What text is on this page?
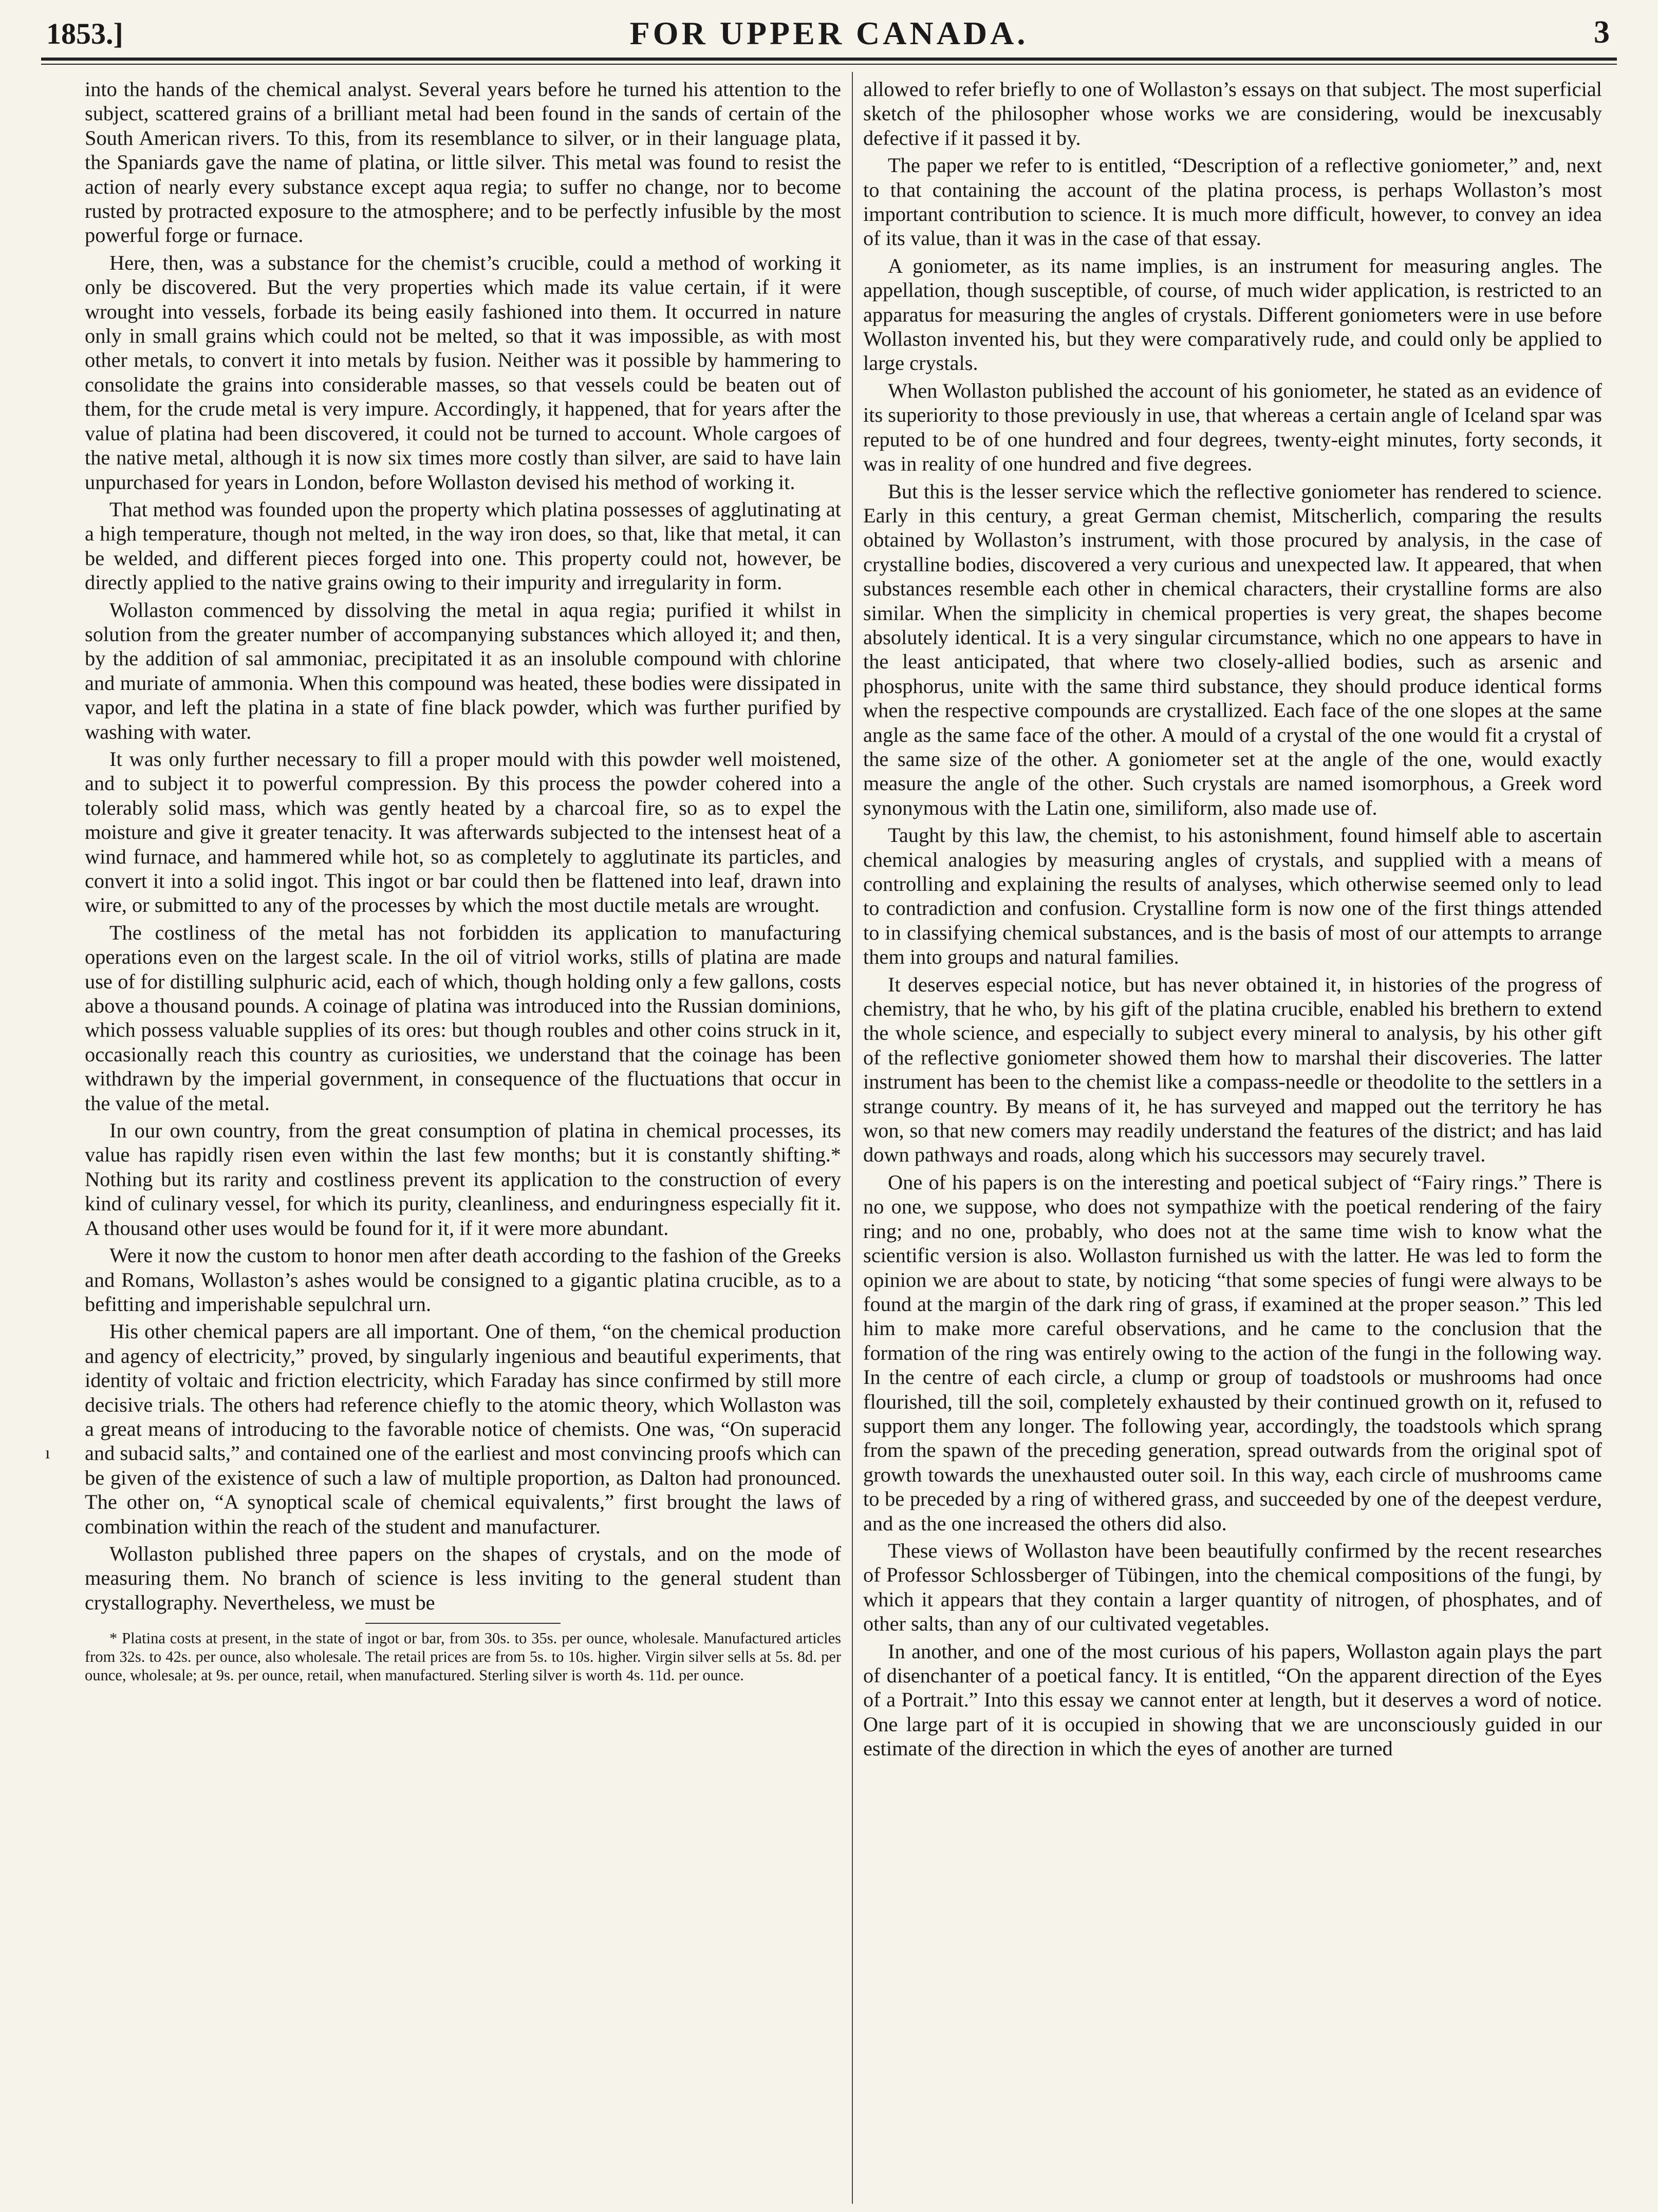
1853.]	FOR UPPER CANADA.	3

into the hands of the chemical analyst. Several years before he turned his attention to the subject, scattered grains of a brilliant metal had been found in the sands of certain of the South American rivers. To this, from its resemblance to silver, or in their language plata, the Spaniards gave the name of platina, or little silver. This metal was found to resist the action of nearly every substance except aqua regia; to suffer no change, nor to become rusted by protracted exposure to the atmosphere; and to be perfectly infusible by the most powerful forge or furnace.

Here, then, was a substance for the chemist’s crucible, could a method of working it only be discovered. But the very properties which made its value certain, if it were wrought into vessels, forbade its being easily fashioned into them. It occurred in nature only in small grains which could not be melted, so that it was impossible, as with most other metals, to convert it into metals by fusion. Neither was it possible by hammering to consolidate the grains into considerable masses, so that vessels could be beaten out of them, for the crude metal is very impure. Accordingly, it happened, that for years after the value of platina had been discovered, it could not be turned to account. Whole cargoes of the native metal, although it is now six times more costly than silver, are said to have lain unpurchased for years in London, before Wollaston devised his method of working it.

That method was founded upon the property which platina possesses of agglutinating at a high temperature, though not melted, in the way iron does, so that, like that metal, it can be welded, and different pieces forged into one. This property could not, however, be directly applied to the native grains owing to their impurity and irregularity in form.

Wollaston commenced by dissolving the metal in aqua regia; purified it whilst in solution from the greater number of accompanying substances which alloyed it; and then, by the addition of sal ammoniac, precipitated it as an insoluble compound with chlorine and muriate of ammonia. When this compound was heated, these bodies were dissipated in vapor, and left the platina in a state of fine black powder, which was further purified by washing with water.

It was only further necessary to fill a proper mould with this powder well moistened, and to subject it to powerful compression. By this process the powder cohered into a tolerably solid mass, which was gently heated by a charcoal fire, so as to expel the moisture and give it greater tenacity. It was afterwards subjected to the intensest heat of a wind furnace, and hammered while hot, so as completely to agglutinate its particles, and convert it into a solid ingot. This ingot or bar could then be flattened into leaf, drawn into wire, or submitted to any of the processes by which the most ductile metals are wrought.

The costliness of the metal has not forbidden its application to manufacturing operations even on the largest scale. In the oil of vitriol works, stills of platina are made use of for distilling sulphuric acid, each of which, though holding only a few gallons, costs above a thousand pounds. A coinage of platina was introduced into the Russian dominions, which possess valuable supplies of its ores: but though roubles and other coins struck in it, occasionally reach this country as curiosities, we understand that the coinage has been withdrawn by the imperial government, in consequence of the fluctuations that occur in the value of the metal.

In our own country, from the great consumption of platina in chemical processes, its value has rapidly risen even within the last few months; but it is constantly shifting.* Nothing but its rarity and costliness prevent its application to the construction of every kind of culinary vessel, for which its purity, cleanliness, and enduringness especially fit it. A thousand other uses would be found for it, if it were more abundant.

Were it now the custom to honor men after death according to the fashion of the Greeks and Romans, Wollaston’s ashes would be consigned to a gigantic platina crucible, as to a befitting and imperishable sepulchral urn.

His other chemical papers are all important. One of them, “on the chemical production and agency of electricity,” proved, by singularly ingenious and beautiful experiments, that identity of voltaic and friction electricity, which Faraday has since confirmed by still more decisive trials. The others had reference chiefly to the atomic theory, which Wollaston was a great means of introducing to the favorable notice of chemists. One was, “On superacid and subacid salts,” and contained one of the earliest and most convincing proofs which can be given of the existence of such a law of multiple proportion, as Dalton had pronounced. The other on, “A synoptical scale of chemical equivalents,” first brought the laws of combination within the reach of the student and manufacturer.

Wollaston published three papers on the shapes of crystals, and on the mode of measuring them. No branch of science is less inviting to the general student than crystallography. Nevertheless, we must be

* Platina costs at present, in the state of ingot or bar, from 30s. to 35s. per ounce, wholesale. Manufactured articles from 32s. to 42s. per ounce, also wholesale. The retail prices are from 5s. to 10s. higher. Virgin silver sells at 5s. 8d. per ounce, wholesale; at 9s. per ounce, retail, when manufactured. Sterling silver is worth 4s. 11d. per ounce.

allowed to refer briefly to one of Wollaston’s essays on that subject. The most superficial sketch of the philosopher whose works we are considering, would be inexcusably defective if it passed it by.

The paper we refer to is entitled, “Description of a reflective goniometer,” and, next to that containing the account of the platina process, is perhaps Wollaston’s most important contribution to science. It is much more difficult, however, to convey an idea of its value, than it was in the case of that essay.

A goniometer, as its name implies, is an instrument for measuring angles. The appellation, though susceptible, of course, of much wider application, is restricted to an apparatus for measuring the angles of crystals. Different goniometers were in use before Wollaston invented his, but they were comparatively rude, and could only be applied to large crystals.

When Wollaston published the account of his goniometer, he stated as an evidence of its superiority to those previously in use, that whereas a certain angle of Iceland spar was reputed to be of one hundred and four degrees, twenty-eight minutes, forty seconds, it was in reality of one hundred and five degrees.

But this is the lesser service which the reflective goniometer has rendered to science. Early in this century, a great German chemist, Mitscherlich, comparing the results obtained by Wollaston’s instrument, with those procured by analysis, in the case of crystalline bodies, discovered a very curious and unexpected law. It appeared, that when substances resemble each other in chemical characters, their crystalline forms are also similar. When the simplicity in chemical properties is very great, the shapes become absolutely identical. It is a very singular circumstance, which no one appears to have in the least anticipated, that where two closely-allied bodies, such as arsenic and phosphorus, unite with the same third substance, they should produce identical forms when the respective compounds are crystallized. Each face of the one slopes at the same angle as the same face of the other. A mould of a crystal of the one would fit a crystal of the same size of the other. A goniometer set at the angle of the one, would exactly measure the angle of the other. Such crystals are named isomorphous, a Greek word synonymous with the Latin one, similiform, also made use of.

Taught by this law, the chemist, to his astonishment, found himself able to ascertain chemical analogies by measuring angles of crystals, and supplied with a means of controlling and explaining the results of analyses, which otherwise seemed only to lead to contradiction and confusion. Crystalline form is now one of the first things attended to in classifying chemical substances, and is the basis of most of our attempts to arrange them into groups and natural families.

It deserves especial notice, but has never obtained it, in histories of the progress of chemistry, that he who, by his gift of the platina crucible, enabled his brethern to extend the whole science, and especially to subject every mineral to analysis, by his other gift of the reflective goniometer showed them how to marshal their discoveries. The latter instrument has been to the chemist like a compass-needle or theodolite to the settlers in a strange country. By means of it, he has surveyed and mapped out the territory he has won, so that new comers may readily understand the features of the district; and has laid down pathways and roads, along which his successors may securely travel.

One of his papers is on the interesting and poetical subject of “Fairy rings.” There is no one, we suppose, who does not sympathize with the poetical rendering of the fairy ring; and no one, probably, who does not at the same time wish to know what the scientific version is also. Wollaston furnished us with the latter. He was led to form the opinion we are about to state, by noticing “that some species of fungi were always to be found at the margin of the dark ring of grass, if examined at the proper season.” This led him to make more careful observations, and he came to the conclusion that the formation of the ring was entirely owing to the action of the fungi in the following way. In the centre of each circle, a clump or group of toadstools or mushrooms had once flourished, till the soil, completely exhausted by their continued growth on it, refused to support them any longer. The following year, accordingly, the toadstools which sprang from the spawn of the preceding generation, spread outwards from the original spot of growth towards the unexhausted outer soil. In this way, each circle of mushrooms came to be preceded by a ring of withered grass, and succeeded by one of the deepest verdure, and as the one increased the others did also.

These views of Wollaston have been beautifully confirmed by the recent researches of Professor Schlossberger of Tübingen, into the chemical compositions of the fungi, by which it appears that they contain a larger quantity of nitrogen, of phosphates, and of other salts, than any of our cultivated vegetables.

In another, and one of the most curious of his papers, Wollaston again plays the part of disenchanter of a poetical fancy. It is entitled, “On the apparent direction of the Eyes of a Portrait.” Into this essay we cannot enter at length, but it deserves a word of notice. One large part of it is occupied in showing that we are unconsciously guided in our estimate of the direction in which the eyes of another are turned

ı
